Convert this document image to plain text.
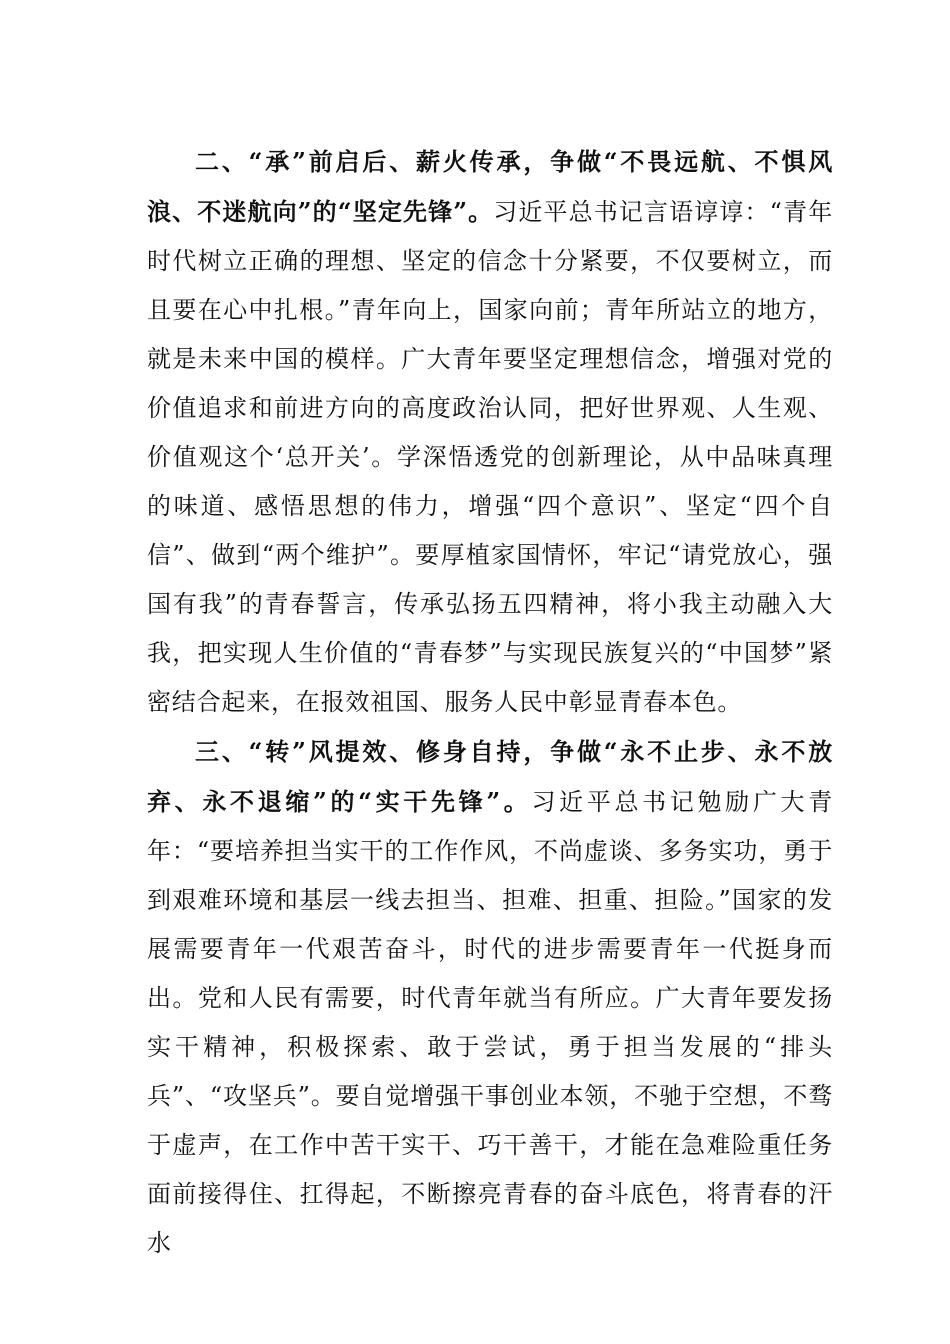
二、“承”前启后、薪火传承，争做“不畏远航、不惧风浪、不迷航向”的“坚定先锋”。习近平总书记言语谆谆：“青年时代树立正确的理想、坚定的信念十分紧要，不仅要树立，而且要在心中扎根。”青年向上，国家向前；青年所站立的地方，就是未来中国的模样。广大青年要坚定理想信念，增强对党的价值追求和前进方向的高度政治认同，把好世界观、人生观、价值观这个‘总开关’。学深悟透党的创新理论，从中品味真理的味道、感悟思想的伟力，增强“四个意识”、坚定“四个自信”、做到“两个维护”。要厚植家国情怀，牢记“请党放心，强国有我”的青春誓言，传承弘扬五四精神，将小我主动融入大我，把实现人生价值的“青春梦”与实现民族复兴的“中国梦”紧密结合起来，在报效祖国、服务人民中彰显青春本色。

三、“转”风提效、修身自持，争做“永不止步、永不放弃、永不退缩”的“实干先锋”。习近平总书记勉励广大青年：“要培养担当实干的工作作风，不尚虚谈、多务实功，勇于到艰难环境和基层一线去担当、担难、担重、担险。”国家的发展需要青年一代艰苦奋斗，时代的进步需要青年一代挺身而出。党和人民有需要，时代青年就当有所应。广大青年要发扬实干精神，积极探索、敢于尝试，勇于担当发展的“排头兵”、“攻坚兵”。要自觉增强干事创业本领，不驰于空想，不骛于虚声，在工作中苦干实干、巧干善干，才能在急难险重任务面前接得住、扛得起，不断擦亮青春的奋斗底色，将青春的汗水
